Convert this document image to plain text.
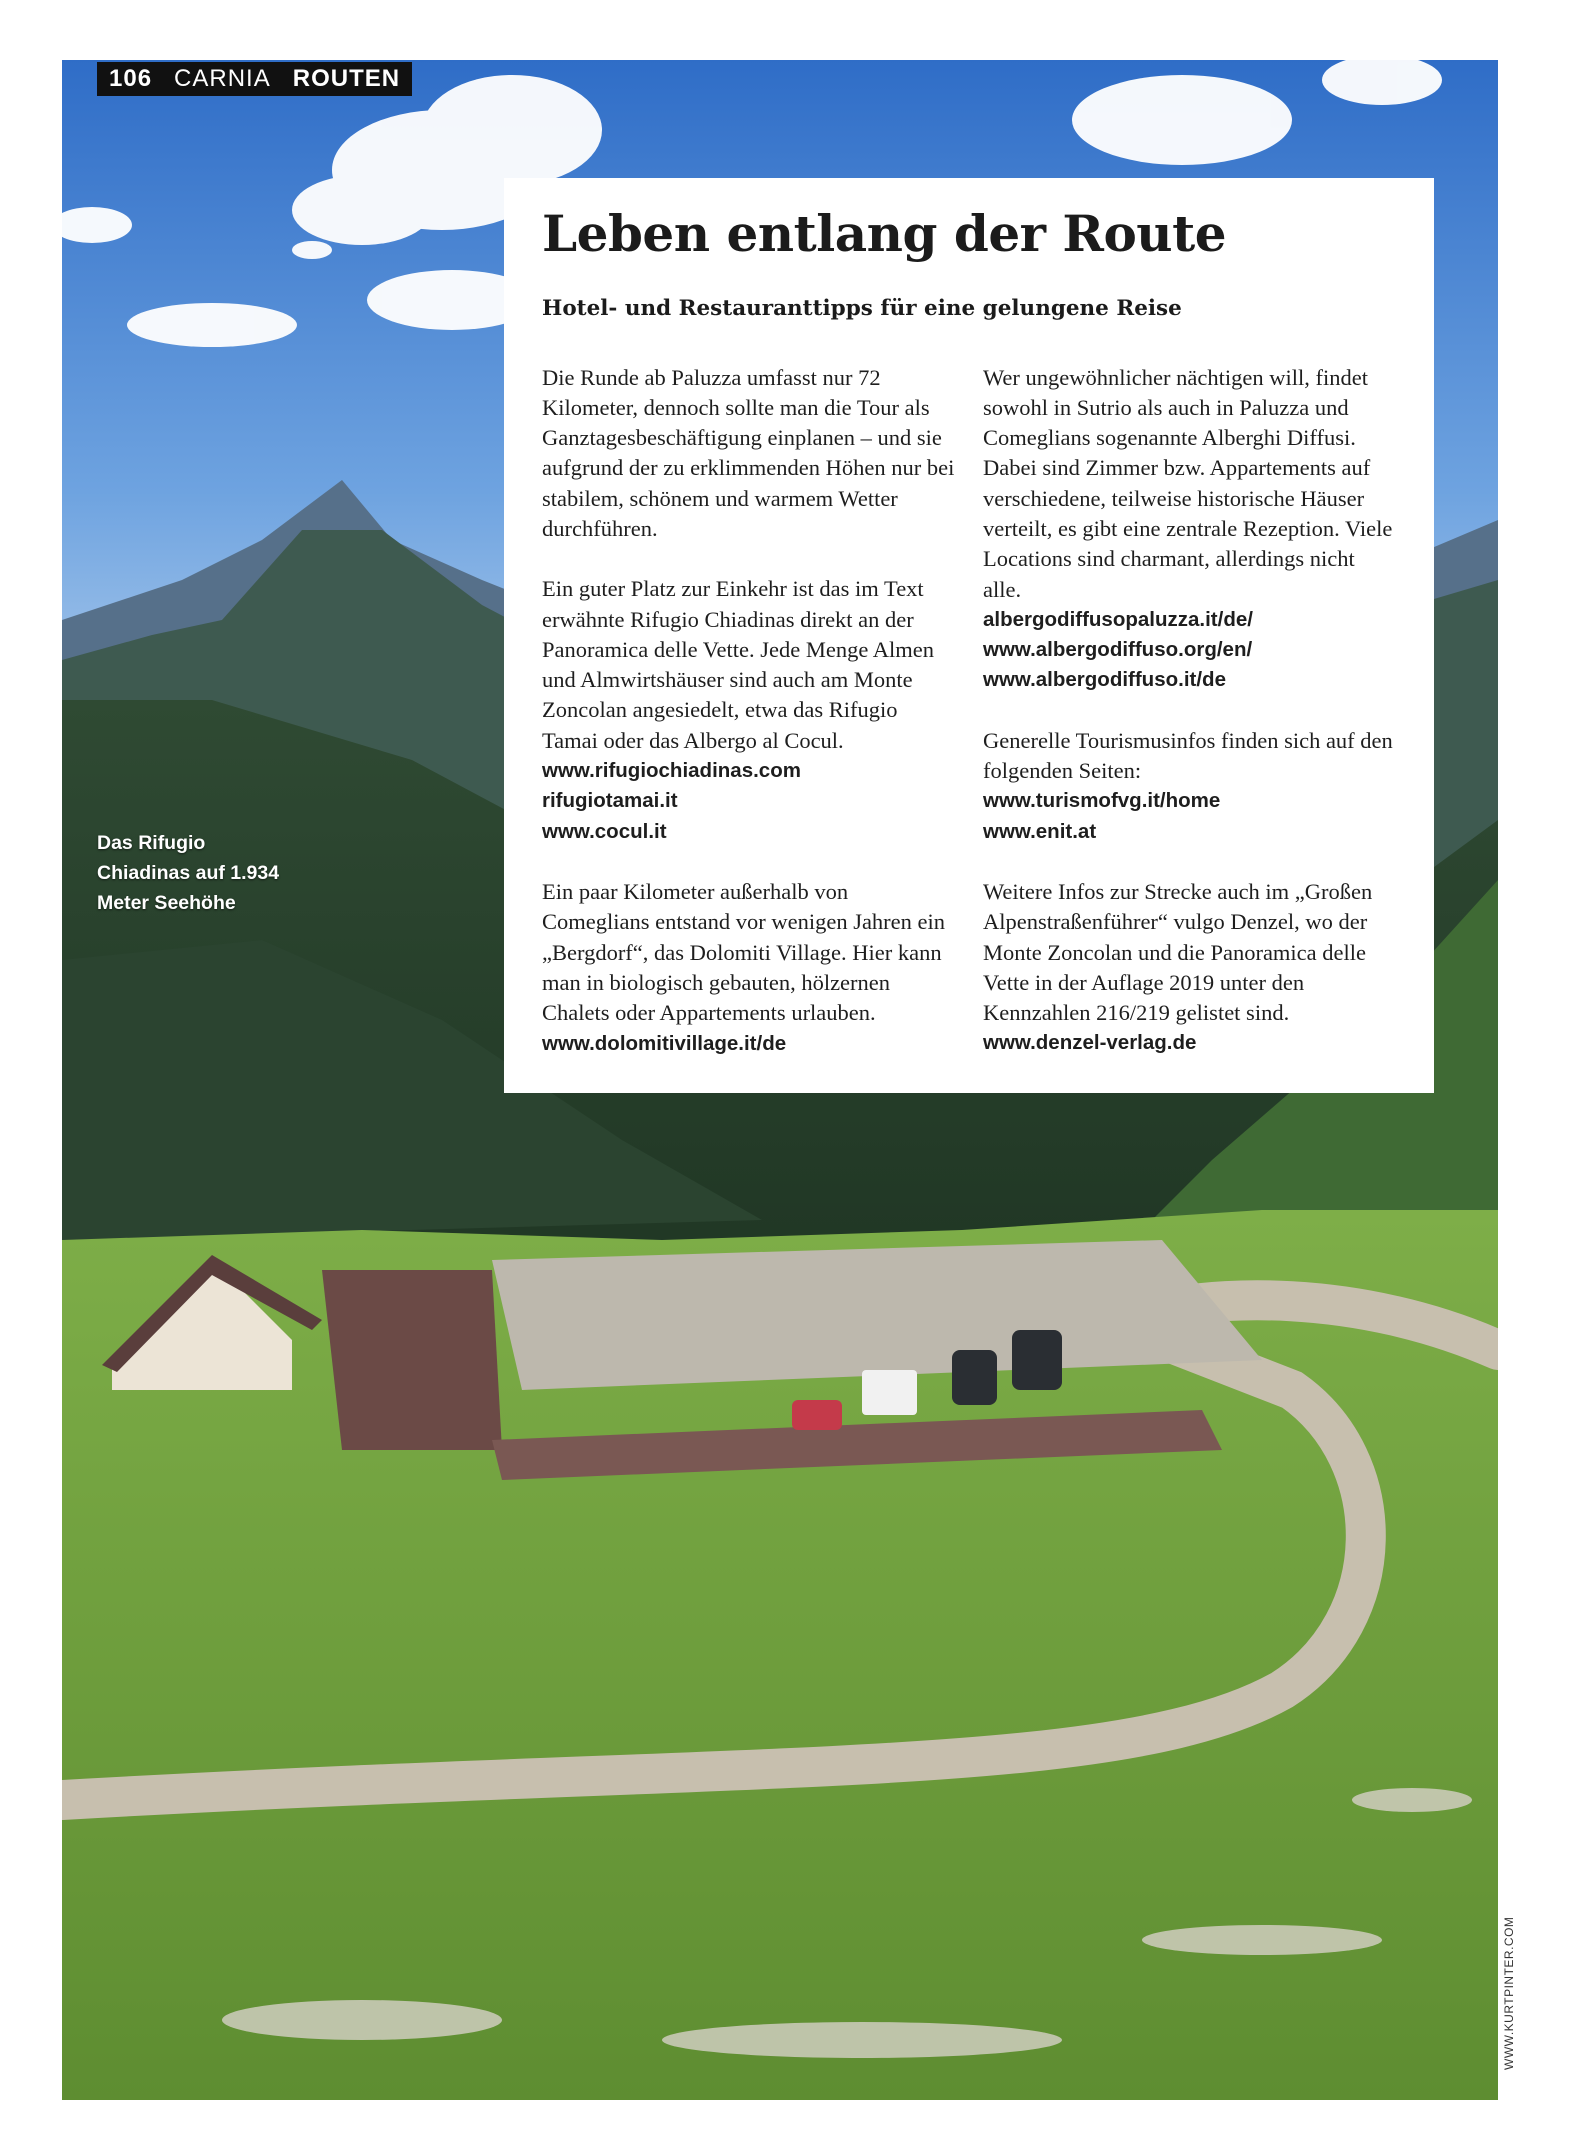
106 CARNIA ROUTEN
Leben entlang der Route
Hotel- und Restauranttipps für eine gelungene Reise

Die Runde ab Paluzza umfasst nur 72 Kilometer, dennoch sollte man die Tour als Ganztagesbeschäftigung einplanen – und sie aufgrund der zu erklimmenden Höhen nur bei stabilem, schönem und warmem Wetter durchführen.

Ein guter Platz zur Einkehr ist das im Text erwähnte Rifugio Chiadinas direkt an der Panoramica delle Vette. Jede Menge Almen und Almwirtshäuser sind auch am Monte Zoncolan angesiedelt, etwa das Rifugio Tamai oder das Albergo al Cocul.
www.rifugiochiadinas.com
rifugiotamai.it
www.cocul.it

Ein paar Kilometer außerhalb von Comeglians entstand vor wenigen Jahren ein „Bergdorf“, das Dolomiti Village. Hier kann man in biologisch gebauten, hölzernen Chalets oder Appartements urlauben. www.dolomitivillage.it/de

Wer ungewöhnlicher nächtigen will, findet sowohl in Sutrio als auch in Paluzza und Comeglians sogenannte Alberghi Diffusi. Dabei sind Zimmer bzw. Appartements auf verschiedene, teilweise historische Häuser verteilt, es gibt eine zentrale Rezeption. Viele Locations sind charmant, allerdings nicht alle.
albergodiffusopaluzza.it/de/
www.albergodiffuso.org/en/
www.albergodiffuso.it/de

Generelle Tourismusinfos finden sich auf den folgenden Seiten:
www.turismofvg.it/home
www.enit.at

Weitere Infos zur Strecke auch im „Großen Alpenstraßenführer“ vulgo Denzel, wo der Monte Zoncolan und die Panoramica delle Vette in der Auflage 2019 unter den Kennzahlen 216/219 gelistet sind.
www.denzel-verlag.de

Das Rifugio
Chiadinas auf 1.934
Meter Seehöhe
WWW.KURTPINTER.COM
